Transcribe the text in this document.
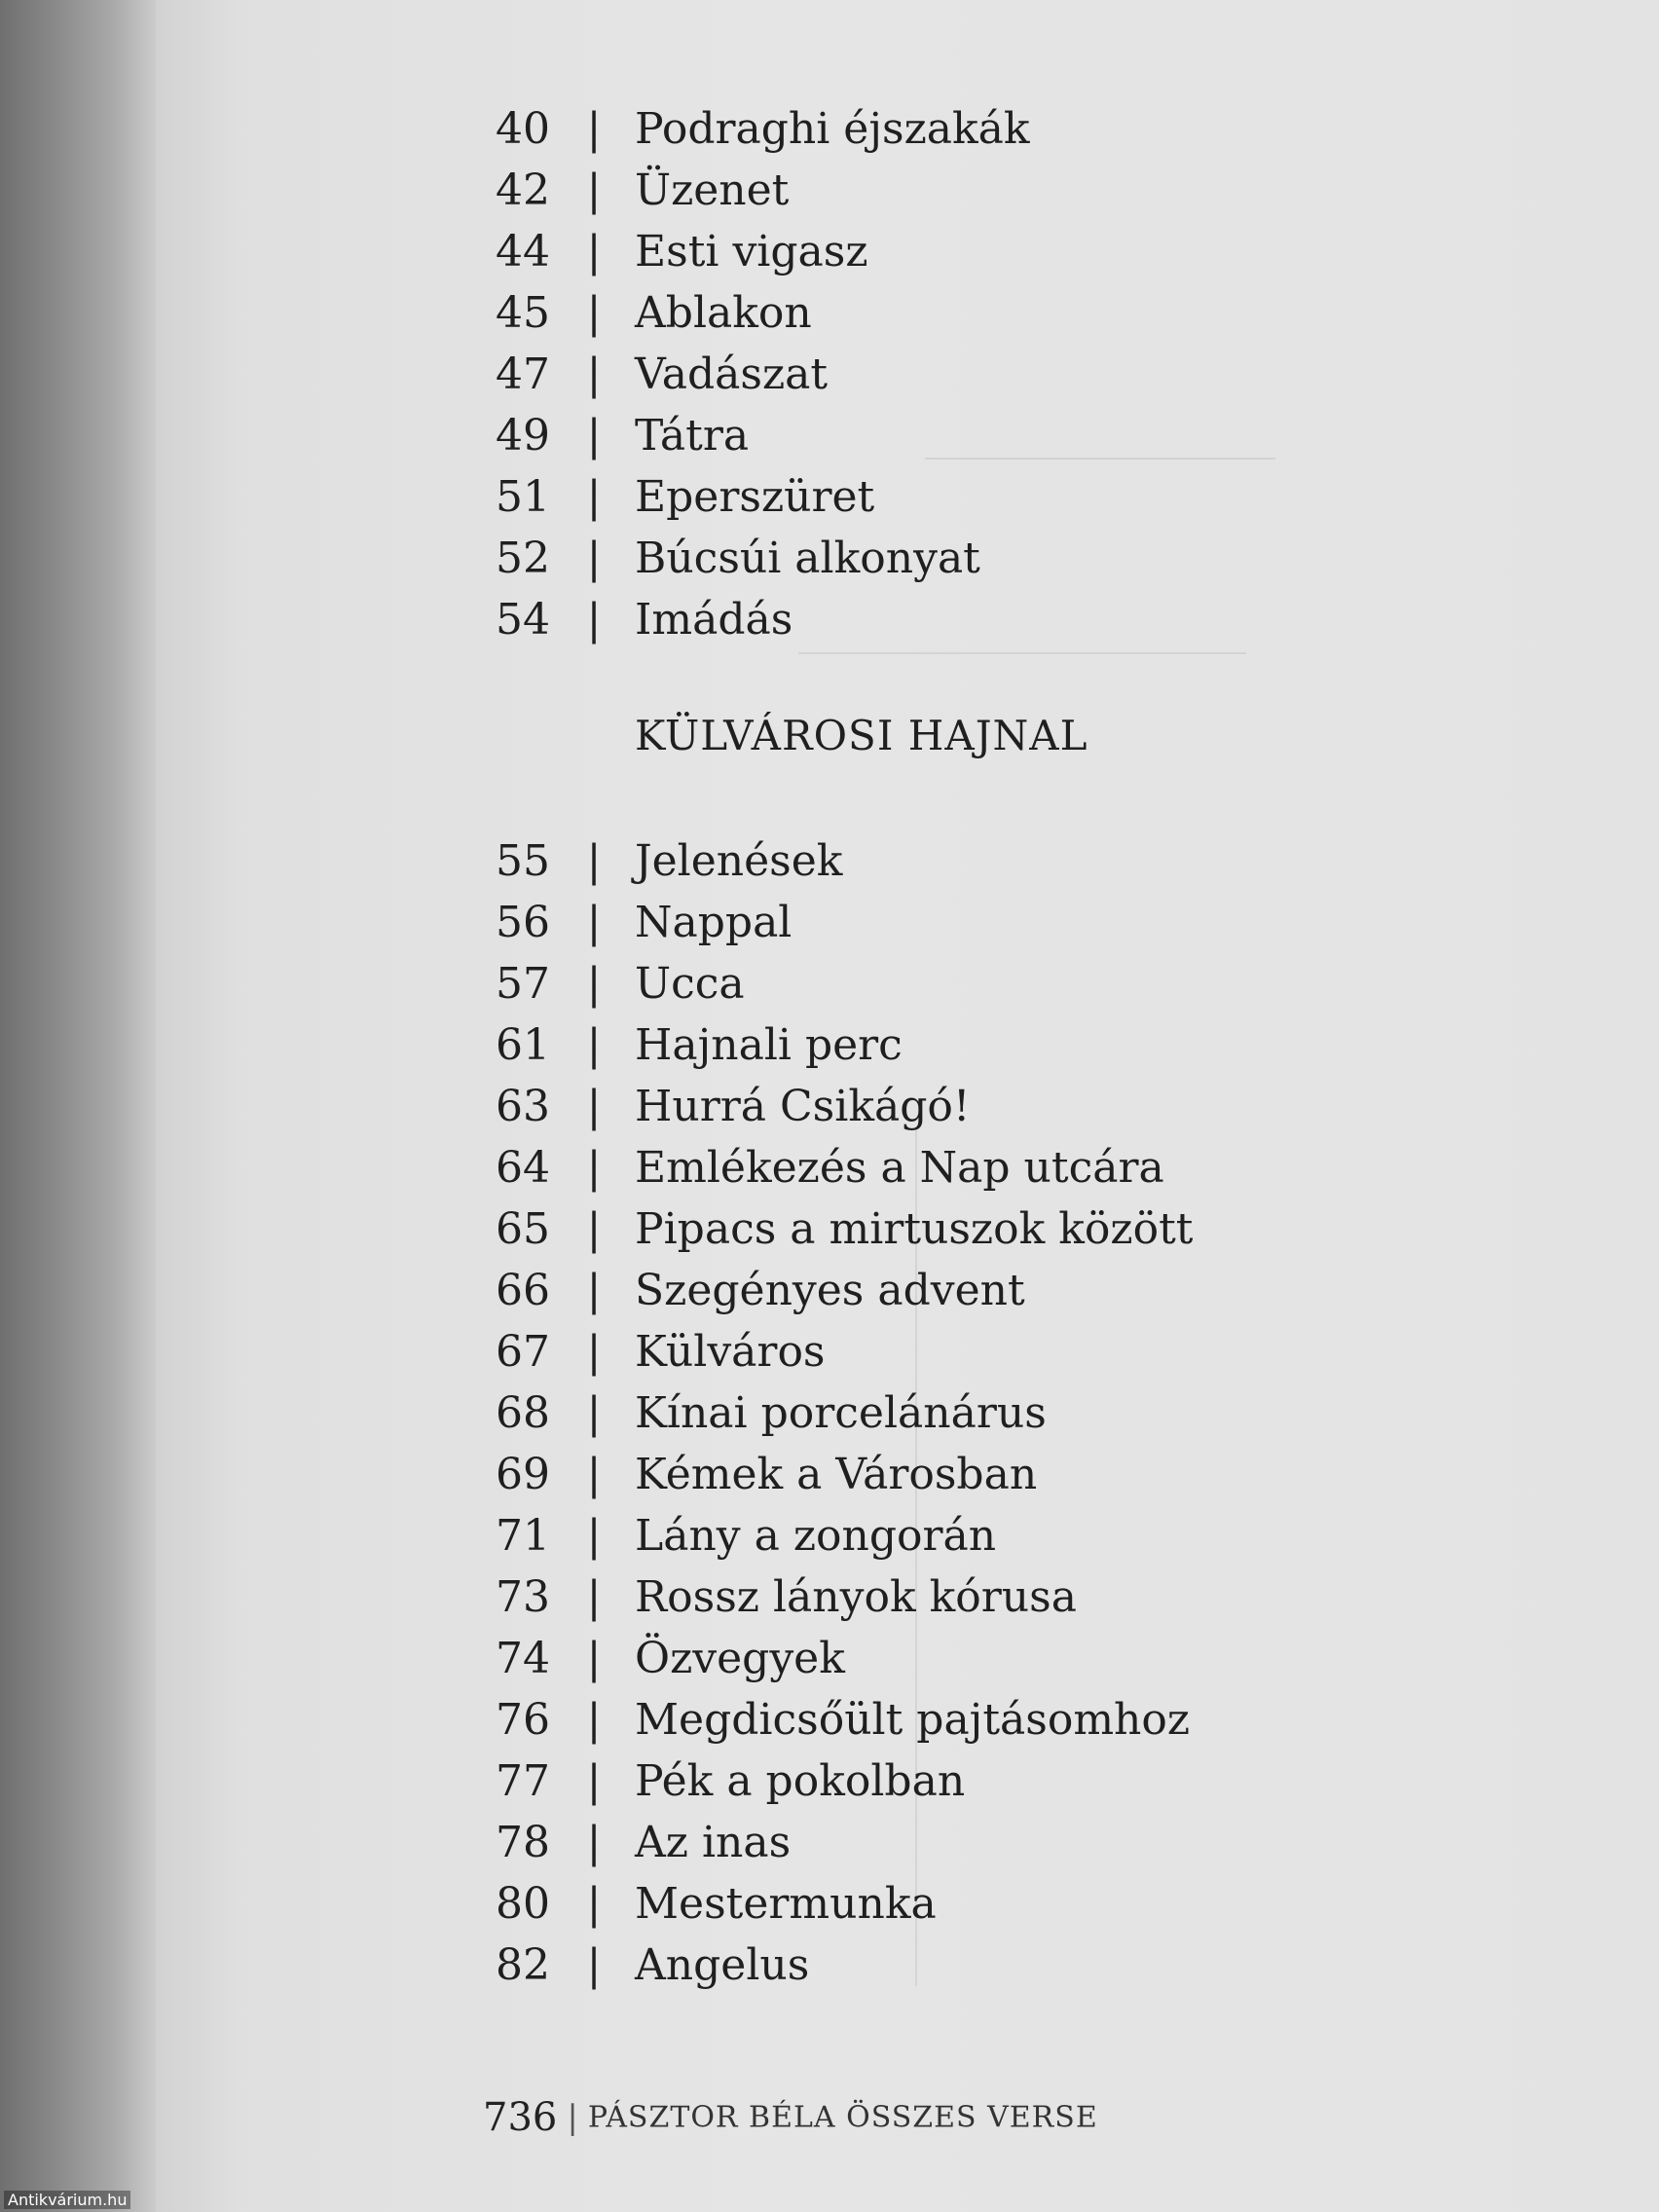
40 | Podraghi éjszakák
42 | Üzenet
44 | Esti vigasz
45 | Ablakon
47 | Vadászat
49 | Tátra
51 | Eperszüret
52 | Búcsúi alkonyat
54 | Imádás
KÜLVÁROSI HAJNAL
55 | Jelenések
56 | Nappal
57 | Ucca
61 | Hajnali perc
63 | Hurrá Csikágó!
64 | Emlékezés a Nap utcára
65 | Pipacs a mirtuszok között
66 | Szegényes advent
67 | Külváros
68 | Kínai porcelánárus
69 | Kémek a Városban
71 | Lány a zongorán
73 | Rossz lányok kórusa
74 | Özvegyek
76 | Megdicsőült pajtásomhoz
77 | Pék a pokolban
78 | Az inas
80 | Mestermunka
82 | Angelus
736 | PÁSZTOR BÉLA ÖSSZES VERSE
Antikvárium.hu
